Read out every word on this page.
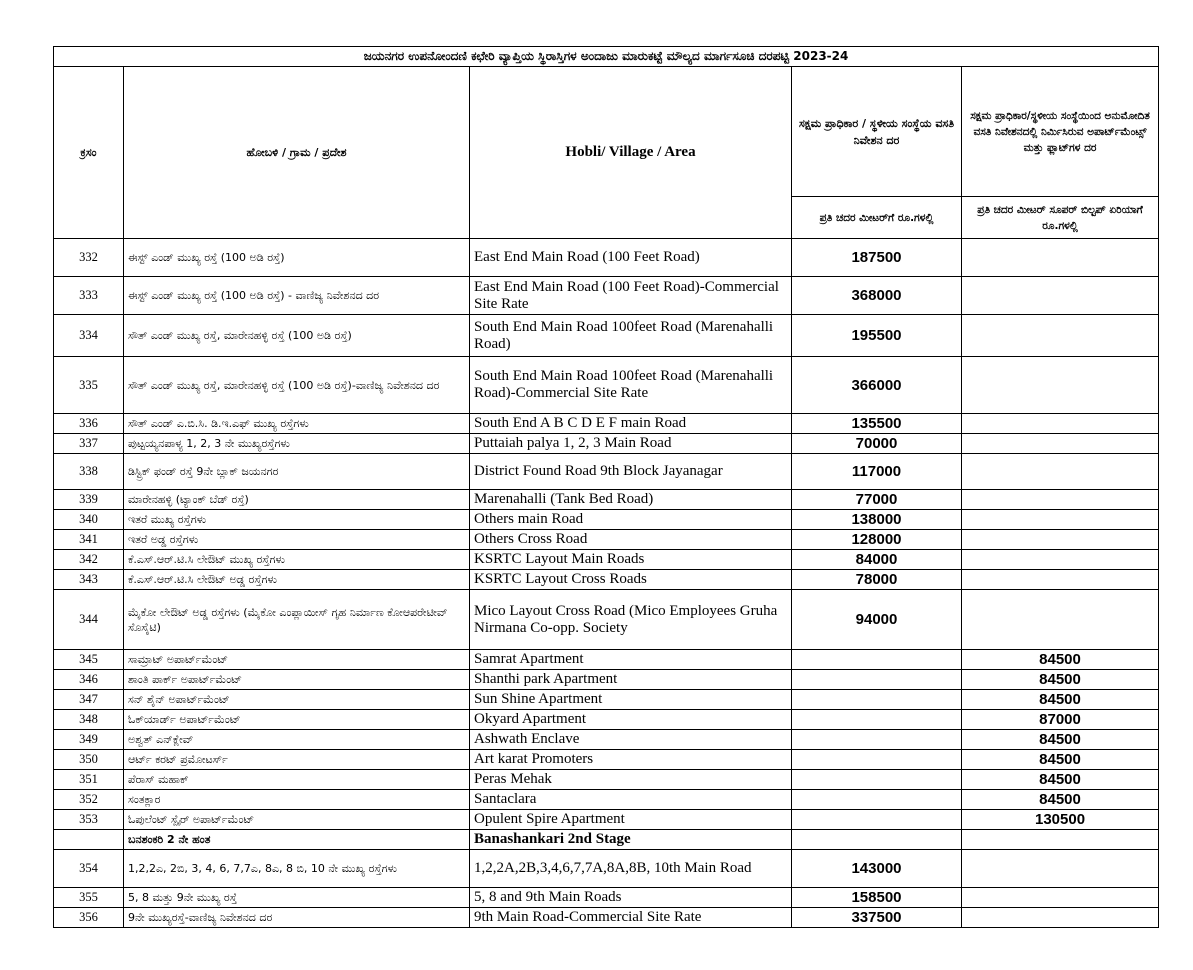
ಜಯನಗರ ಉಪನೋಂದಣಿ ಕಛೇರಿ ವ್ಯಾಪ್ತಿಯ ಸ್ಥಿರಾಸ್ತಿಗಳ ಅಂದಾಜು ಮಾರುಕಟ್ಟೆ ಮೌಲ್ಯದ ಮಾರ್ಗಸೂಚಿ ದರಪಟ್ಟಿ 2023-24				
ಕ್ರಸಂ	ಹೋಬಳಿ / ಗ್ರಾಮ / ಪ್ರದೇಶ	Hobli/ Village / Area	ಸಕ್ಷಮ ಪ್ರಾಧಿಕಾರ / ಸ್ಥಳೀಯ ಸಂಸ್ಥೆಯ ವಸತಿ ನಿವೇಶನ ದರ	ಸಕ್ಷಮ ಪ್ರಾಧಿಕಾರ/ಸ್ಥಳೀಯ ಸಂಸ್ಥೆಯಿಂದ ಅನುಮೋದಿತ ವಸತಿ ನಿವೇಶನದಲ್ಲಿ ನಿರ್ಮಿಸಿರುವ ಅಪಾರ್ಟ್‌ಮೆಂಟ್ಸ್ ಮತ್ತು ಫ್ಲಾಟ್‌ಗಳ ದರ
			ಪ್ರತಿ ಚದರ ಮೀಟರ್‌ಗೆ ರೂ.ಗಳಲ್ಲಿ	ಪ್ರತಿ ಚದರ ಮೀಟರ್ ಸೂಪರ್ ಬಿಲ್ಟಪ್ ಏರಿಯಾಗೆ ರೂ.ಗಳಲ್ಲಿ
332	ಈಸ್ಟ್ ಎಂಡ್ ಮುಖ್ಯ ರಸ್ತೆ (100 ಅಡಿ ರಸ್ತೆ)	East End Main Road (100 Feet Road)	187500	
333	ಈಸ್ಟ್ ಎಂಡ್ ಮುಖ್ಯ ರಸ್ತೆ (100 ಅಡಿ ರಸ್ತೆ) - ವಾಣಿಜ್ಯ ನಿವೇಶನದ ದರ	East End Main Road (100 Feet Road)-Commercial Site Rate	368000	
334	ಸೌತ್ ಎಂಡ್ ಮುಖ್ಯ ರಸ್ತೆ, ಮಾರೇನಹಳ್ಳಿ ರಸ್ತೆ (100 ಅಡಿ ರಸ್ತೆ)	South End Main Road 100feet Road (Marenahalli Road)	195500	
335	ಸೌತ್ ಎಂಡ್ ಮುಖ್ಯ ರಸ್ತೆ, ಮಾರೇನಹಳ್ಳಿ ರಸ್ತೆ (100 ಅಡಿ ರಸ್ತೆ)-ವಾಣಿಜ್ಯ ನಿವೇಶನದ ದರ	South End Main Road 100feet Road (Marenahalli Road)-Commercial Site Rate	366000	
336	ಸೌತ್ ಎಂಡ್ ಎ.ಬಿ.ಸಿ. ಡಿ.ಇ.ಎಫ್ ಮುಖ್ಯ ರಸ್ತೆಗಳು	South End A B C D E F main Road	135500	
337	ಪುಟ್ಟಯ್ಯನಪಾಳ್ಯ 1, 2, 3 ನೇ ಮುಖ್ಯರಸ್ತೆಗಳು	Puttaiah palya 1, 2, 3 Main Road	70000	
338	ಡಿಸ್ಟ್ರಿಕ್ ಫಂಡ್ ರಸ್ತೆ 9ನೇ ಬ್ಲಾಕ್ ಜಯನಗರ	District Found Road 9th Block Jayanagar	117000	
339	ಮಾರೇನಹಳ್ಳಿ (ಟ್ಯಾಂಕ್ ಬೆಡ್ ರಸ್ತೆ)	Marenahalli (Tank Bed Road)	77000	
340	ಇತರೆ ಮುಖ್ಯ ರಸ್ತೆಗಳು	Others main Road	138000	
341	ಇತರೆ ಅಡ್ಡ ರಸ್ತೆಗಳು	Others Cross Road	128000	
342	ಕೆ.ಎಸ್.ಆರ್.ಟಿ.ಸಿ ಲೇಔಟ್ ಮುಖ್ಯ ರಸ್ತೆಗಳು	KSRTC Layout Main Roads	84000	
343	ಕೆ.ಎಸ್.ಆರ್.ಟಿ.ಸಿ ಲೇಔಟ್ ಅಡ್ಡ ರಸ್ತೆಗಳು	KSRTC Layout Cross Roads	78000	
344	ಮೈಕೋ ಲೇಔಟ್ ಅಡ್ಡ ರಸ್ತೆಗಳು (ಮೈಕೋ ಎಂಪ್ಲಾಯೀಸ್ ಗೃಹ ನಿರ್ಮಾಣ ಕೋಆಪರೇಟೀವ್ ಸೊಸೈಟಿ)	Mico Layout Cross Road (Mico Employees Gruha Nirmana Co-opp. Society	94000	
345	ಸಾಮ್ರಾಟ್ ಅಪಾರ್ಟ್‌ಮೆಂಟ್	Samrat Apartment		84500
346	ಶಾಂತಿ ಪಾರ್ಕ್ ಅಪಾರ್ಟ್‌ಮೆಂಟ್	Shanthi park Apartment		84500
347	ಸನ್ ಶೈನ್ ಅಪಾರ್ಟ್‌ಮೆಂಟ್	Sun Shine Apartment		84500
348	ಓಕ್‌ಯಾರ್ಡ್ ಅಪಾರ್ಟ್‌ಮೆಂಟ್	Okyard Apartment		87000
349	ಅಶ್ವತ್ ಎನ್‌ಕ್ಲೇವ್	Ashwath Enclave		84500
350	ಆರ್ಟ್ ಕರಟ್ ಪ್ರಮೋಟರ್ಸ್	Art karat Promoters		84500
351	ಪೆರಾಸ್ ಮಹಾಕ್	Peras Mehak		84500
352	ಸಂತಕ್ಲಾರ	Santaclara		84500
353	ಓಪುಲೆಂಟ್ ಸ್ಪೈರ್ ಅಪಾರ್ಟ್‌ಮೆಂಟ್	Opulent Spire Apartment		130500
	ಬನಶಂಕರಿ 2 ನೇ ಹಂತ	Banashankari 2nd Stage		
354	1,2,2ಎ, 2ಬಿ, 3, 4, 6, 7,7ಎ, 8ಎ, 8 ಬಿ, 10 ನೇ ಮುಖ್ಯ ರಸ್ತೆಗಳು	1,2,2A,2B,3,4,6,7,7A,8A,8B, 10th Main Road	143000	
355	5, 8 ಮತ್ತು 9ನೇ ಮುಖ್ಯ ರಸ್ತೆ	5, 8 and 9th Main Roads	158500	
356	9ನೇ ಮುಖ್ಯರಸ್ತೆ-ವಾಣಿಜ್ಯ ನಿವೇಶನದ ದರ	9th Main Road-Commercial Site Rate	337500	
